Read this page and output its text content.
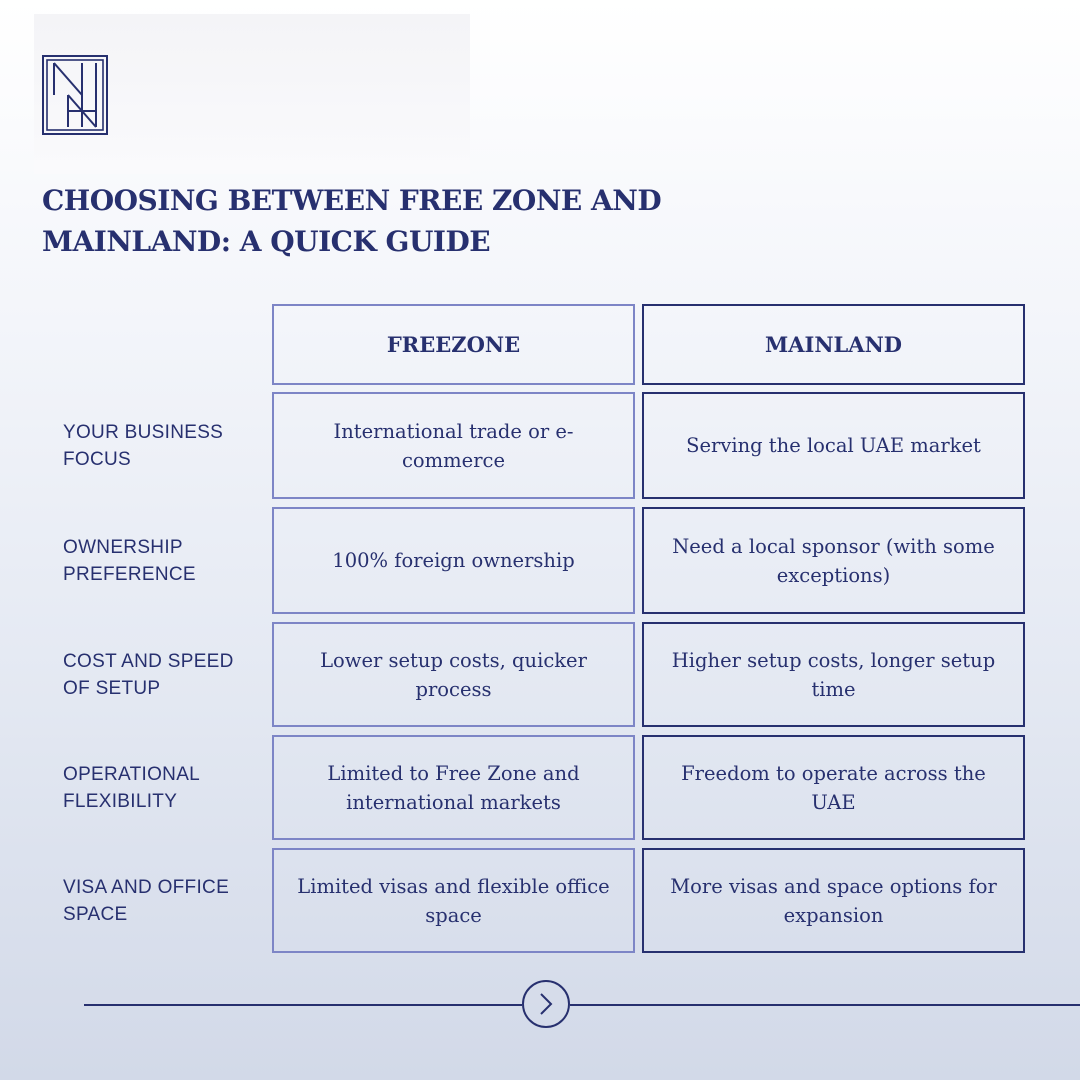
CHOOSING BETWEEN FREE ZONE AND MAINLAND: A QUICK GUIDE
FREEZONE	MAINLAND
YOUR BUSINESS FOCUS
International trade or e-commerce
Serving the local UAE market
OWNERSHIP PREFERENCE
100% foreign ownership
Need a local sponsor (with some exceptions)
COST AND SPEED OF SETUP
Lower setup costs, quicker process
Higher setup costs, longer setup time
OPERATIONAL FLEXIBILITY
Limited to Free Zone and international markets
Freedom to operate across the UAE
VISA AND OFFICE SPACE
Limited visas and flexible office space
More visas and space options for expansion
